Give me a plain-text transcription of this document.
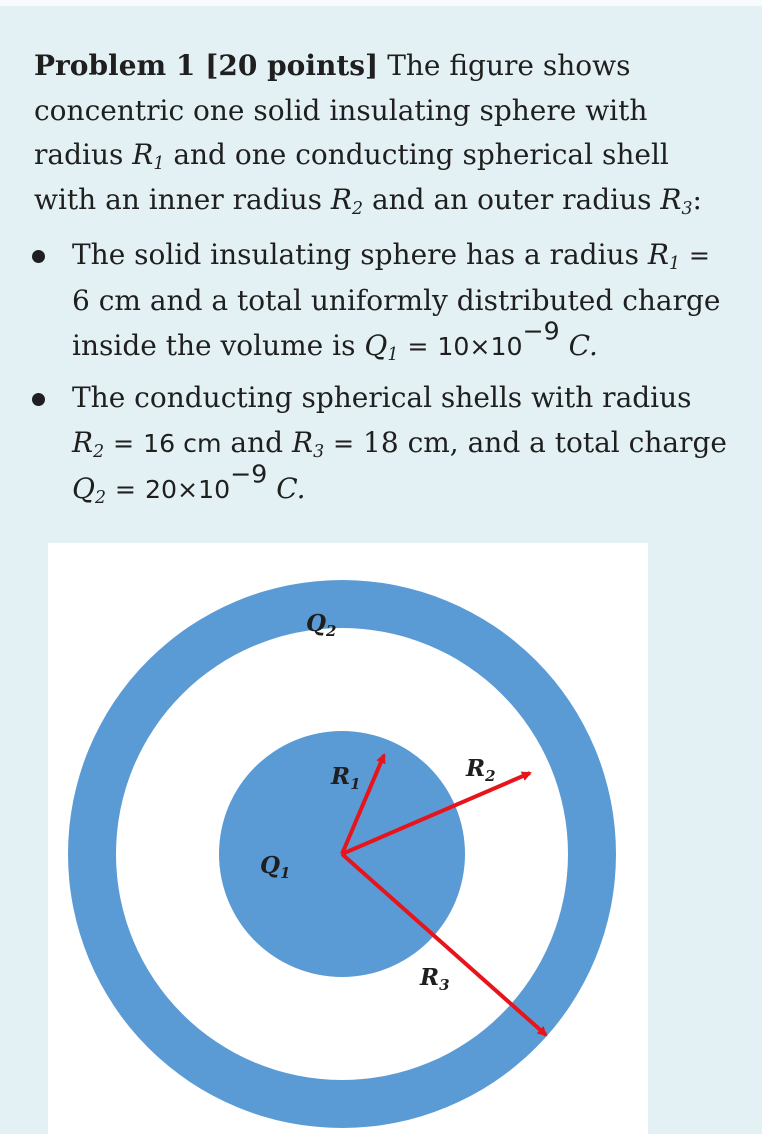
Problem 1 [20 points] The figure shows concentric one solid insulating sphere with radius $R_1$ and one conducting spherical shell with an inner radius $R_2$ and an outer radius $R_3$:
The solid insulating sphere has a radius $R_1 = 6$ cm and a total uniformly distributed charge inside the volume is $Q_1 = 10\times 10^{-9}$ C.
The conducting spherical shells with radius $R_2 = 16$ cm and $R_3 = 18$ cm, and a total charge $Q_2 = 20\times 10^{-9}$ C.
$Q_2$
$Q_1$
$R_1$
$R_2$
$R_3$
